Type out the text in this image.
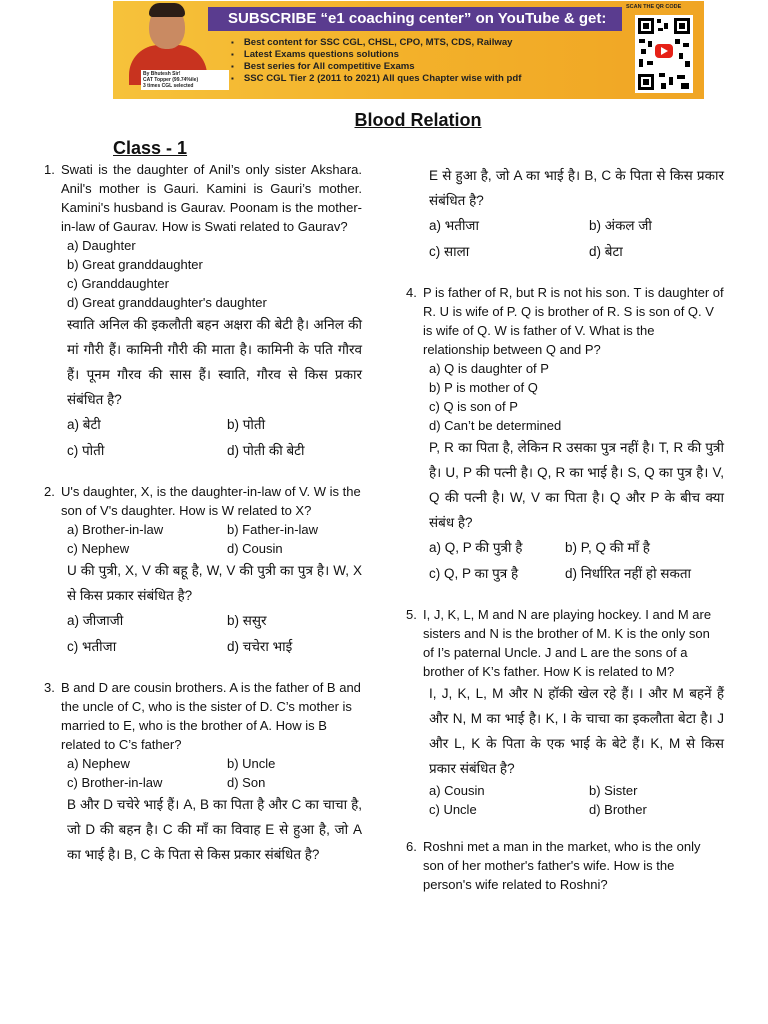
By Bhutesh Sir!
CAT Topper (99.74%ile)
3 times CGL selected
SUBSCRIBE “e1 coaching center” on YouTube & get:
▪ Best content for SSC CGL, CHSL, CPO, MTS, CDS, Railway
▪ Latest Exams questions solutions
▪ Best series for All competitive Exams
▪ SSC CGL Tier 2 (2011 to 2021) All ques Chapter wise with pdf
SCAN THE QR CODE
Blood Relation
Class - 1
1. Swati is the daughter of Anil’s only sister Akshara. Anil's mother is Gauri. Kamini is Gauri’s mother. Kamini's husband is Gaurav. Poonam is the mother-in-law of Gaurav. How is Swati related to Gaurav?
a) Daughter
b) Great granddaughter
c) Granddaughter
d) Great granddaughter's daughter
स्वाति अनिल की इकलौती बहन अक्षरा की बेटी है। अनिल की मां गौरी हैं। कामिनी गौरी की माता है। कामिनी के पति गौरव हैं। पूनम गौरव की सास हैं। स्वाति, गौरव से किस प्रकार संबंधित है?
a) बेटी	b) पोती
c) पोती	d) पोती की बेटी
2. U's daughter, X, is the daughter-in-law of V. W is the son of V's daughter. How is W related to X?
a) Brother-in-law	b) Father-in-law
c) Nephew	d) Cousin
U की पुत्री, X, V की बहू है, W, V की पुत्री का पुत्र है। W, X से किस प्रकार संबंधित है?
a) जीजाजी	b) ससुर
c) भतीजा	d) चचेरा भाई
3. B and D are cousin brothers. A is the father of B and the uncle of C, who is the sister of D. C’s mother is married to E, who is the brother of A. How is B related to C’s father?
a) Nephew	b) Uncle
c) Brother-in-law	d) Son
B और D चचेरे भाई हैं। A, B का पिता है और C का चाचा है, जो D की बहन है। C की माँ का विवाह E से हुआ है, जो A का भाई है। B, C के पिता से किस प्रकार संबंधित है?
E से हुआ है, जो A का भाई है। B, C के पिता से किस प्रकार संबंधित है?
a) भतीजा	b) अंकल जी
c) साला	d) बेटा
4. P is father of R, but R is not his son. T is daughter of R. U is wife of P. Q is brother of R. S is son of Q. V is wife of Q. W is father of V. What is the relationship between Q and P?
a) Q is daughter of P
b) P is mother of Q
c) Q is son of P
d) Can’t be determined
P, R का पिता है, लेकिन R उसका पुत्र नहीं है। T, R की पुत्री है। U, P की पत्नी है। Q, R का भाई है। S, Q का पुत्र है। V, Q की पत्नी है। W, V का पिता है। Q और P के बीच क्या संबंध है?
a) Q, P की पुत्री है	b) P, Q की माँ है
c) Q, P का पुत्र है	d) निर्धारित नहीं हो सकता
5. I, J, K, L, M and N are playing hockey. I and M are sisters and N is the brother of M. K is the only son of I’s paternal Uncle. J and L are the sons of a brother of K’s father. How K is related to M?
I, J, K, L, M और N हॉकी खेल रहे हैं। I और M बहनें हैं और N, M का भाई है। K, I के चाचा का इकलौता बेटा है। J और L, K के पिता के एक भाई के बेटे हैं। K, M से किस प्रकार संबंधित है?
a) Cousin	b) Sister
c) Uncle	d) Brother
6. Roshni met a man in the market, who is the only son of her mother's father's wife. How is the person's wife related to Roshni?
